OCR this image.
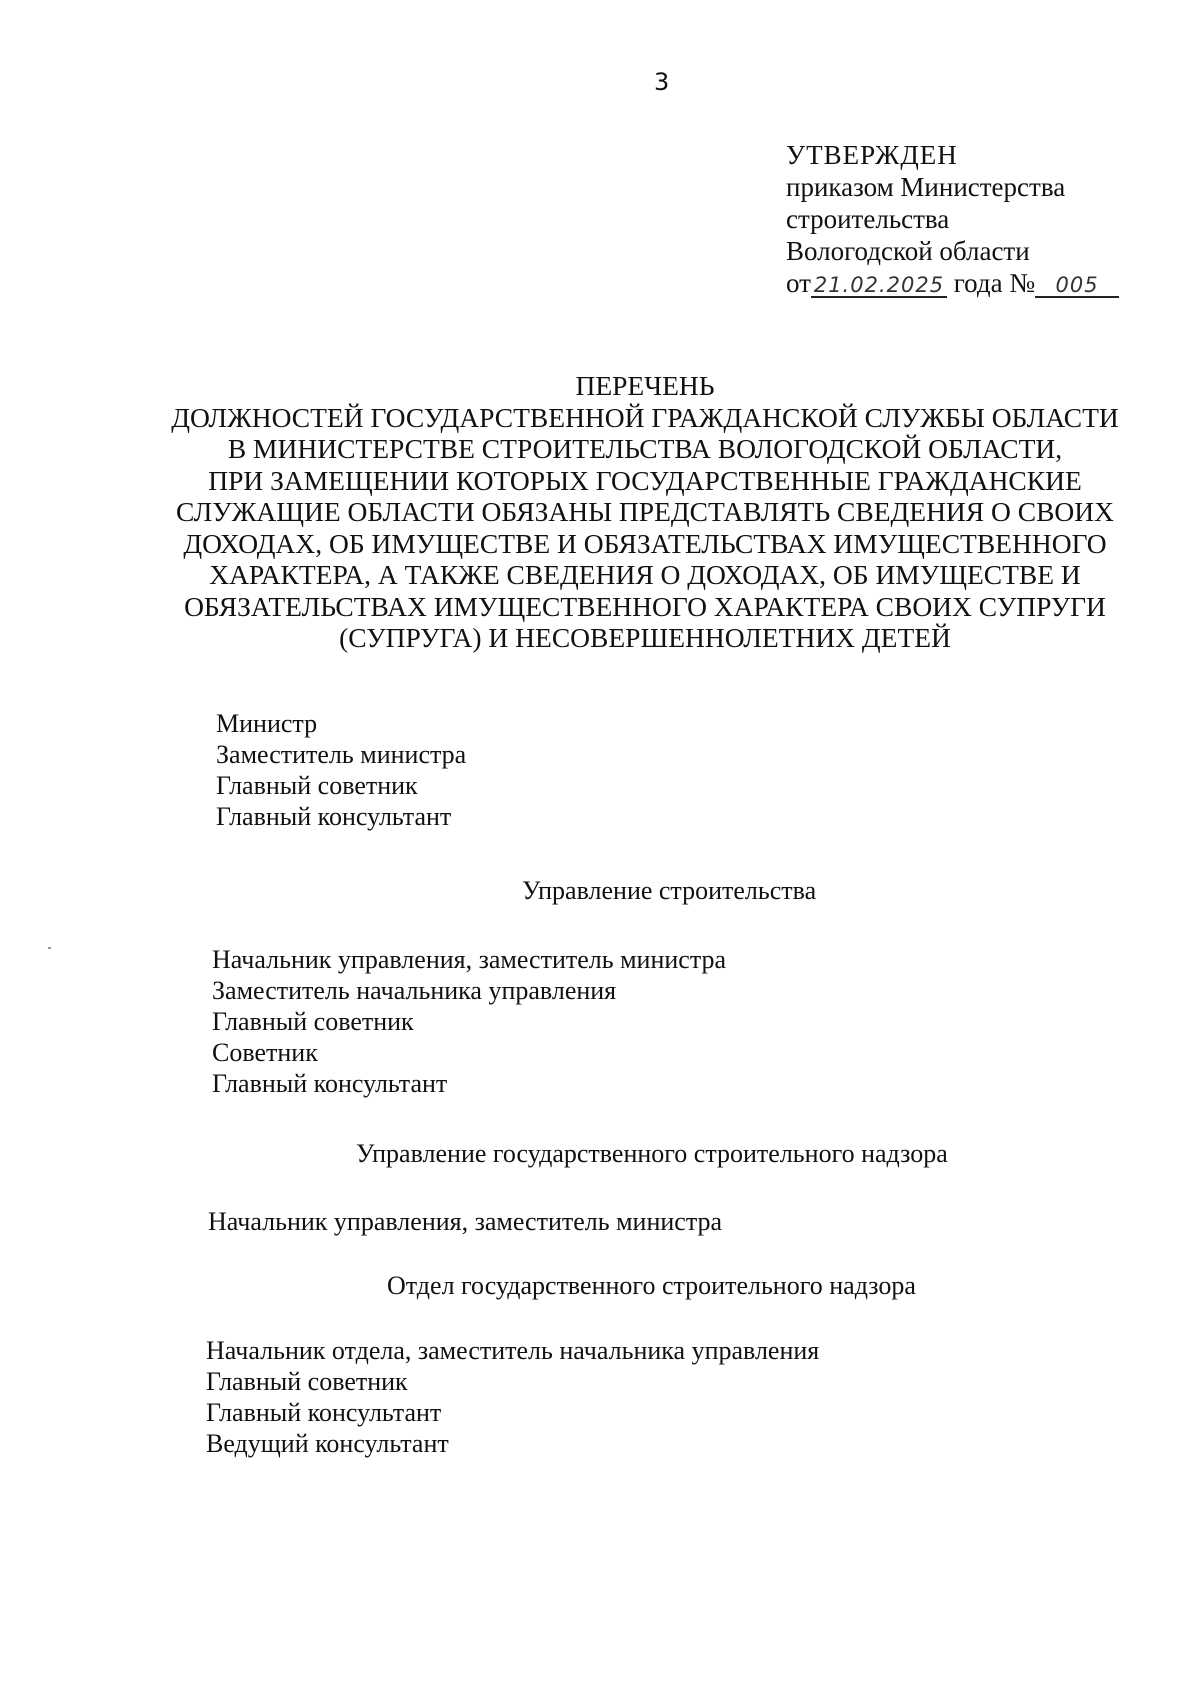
3
УТВЕРЖДЕН
приказом Министерства
строительства
Вологодской области
от 21.02.2025 года № 005
ПЕРЕЧЕНЬ
ДОЛЖНОСТЕЙ ГОСУДАРСТВЕННОЙ ГРАЖДАНСКОЙ СЛУЖБЫ ОБЛАСТИ
В МИНИСТЕРСТВЕ СТРОИТЕЛЬСТВА ВОЛОГОДСКОЙ ОБЛАСТИ,
ПРИ ЗАМЕЩЕНИИ КОТОРЫХ ГОСУДАРСТВЕННЫЕ ГРАЖДАНСКИЕ
СЛУЖАЩИЕ ОБЛАСТИ ОБЯЗАНЫ ПРЕДСТАВЛЯТЬ СВЕДЕНИЯ О СВОИХ
ДОХОДАХ, ОБ ИМУЩЕСТВЕ И ОБЯЗАТЕЛЬСТВАХ ИМУЩЕСТВЕННОГО
ХАРАКТЕРА, А ТАКЖЕ СВЕДЕНИЯ О ДОХОДАХ, ОБ ИМУЩЕСТВЕ И
ОБЯЗАТЕЛЬСТВАХ ИМУЩЕСТВЕННОГО ХАРАКТЕРА СВОИХ СУПРУГИ
(СУПРУГА) И НЕСОВЕРШЕННОЛЕТНИХ ДЕТЕЙ
Министр
Заместитель министра
Главный советник
Главный консультант
Управление строительства
Начальник управления, заместитель министра
Заместитель начальника управления
Главный советник
Советник
Главный консультант
Управление государственного строительного надзора
Начальник управления, заместитель министра
Отдел государственного строительного надзора
Начальник отдела, заместитель начальника управления
Главный советник
Главный консультант
Ведущий консультант
